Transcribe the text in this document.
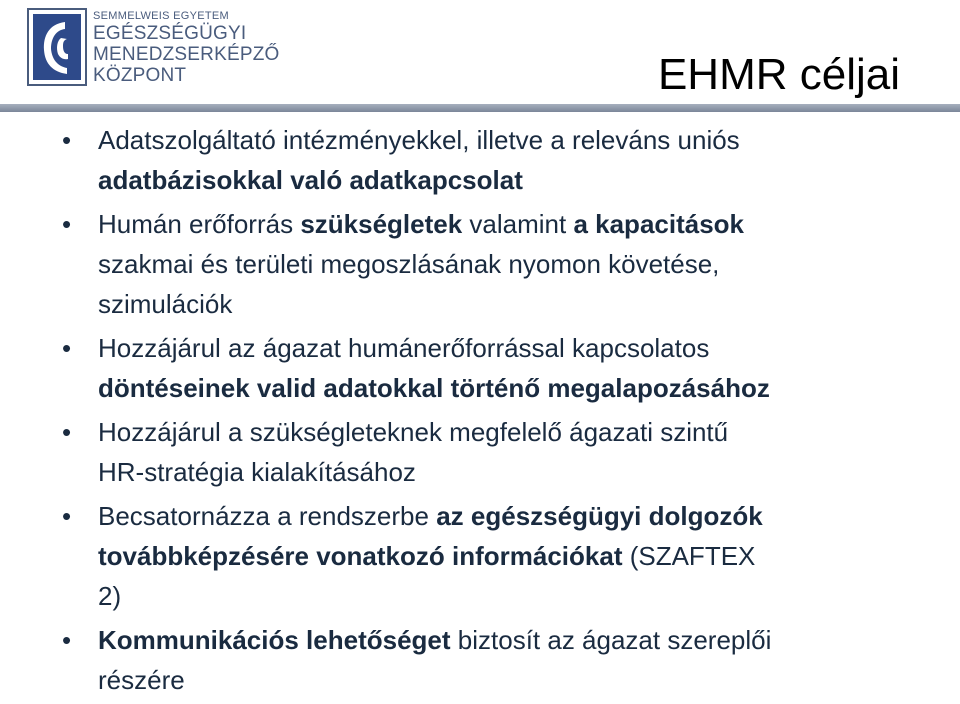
SEMMELWEIS EGYETEM
EGÉSZSÉGÜGYI
MENEDZSERKÉPZŐ
KÖZPONT	EHMR céljai
•	Adatszolgáltató intézményekkel, illetve a releváns uniós
adatbázisokkal való adatkapcsolat
•	Humán erőforrás szükségletek valamint a kapacitások
szakmai és területi megoszlásának nyomon követése,
szimulációk
•	Hozzájárul az ágazat humánerőforrással kapcsolatos
döntéseinek valid adatokkal történő megalapozásához
•	Hozzájárul a szükségleteknek megfelelő ágazati szintű
HR-stratégia kialakításához
•	Becsatornázza a rendszerbe az egészségügyi dolgozók
továbbképzésére vonatkozó információkat (SZAFTEX
2)
•	Kommunikációs lehetőséget biztosít az ágazat szereplői
részére
